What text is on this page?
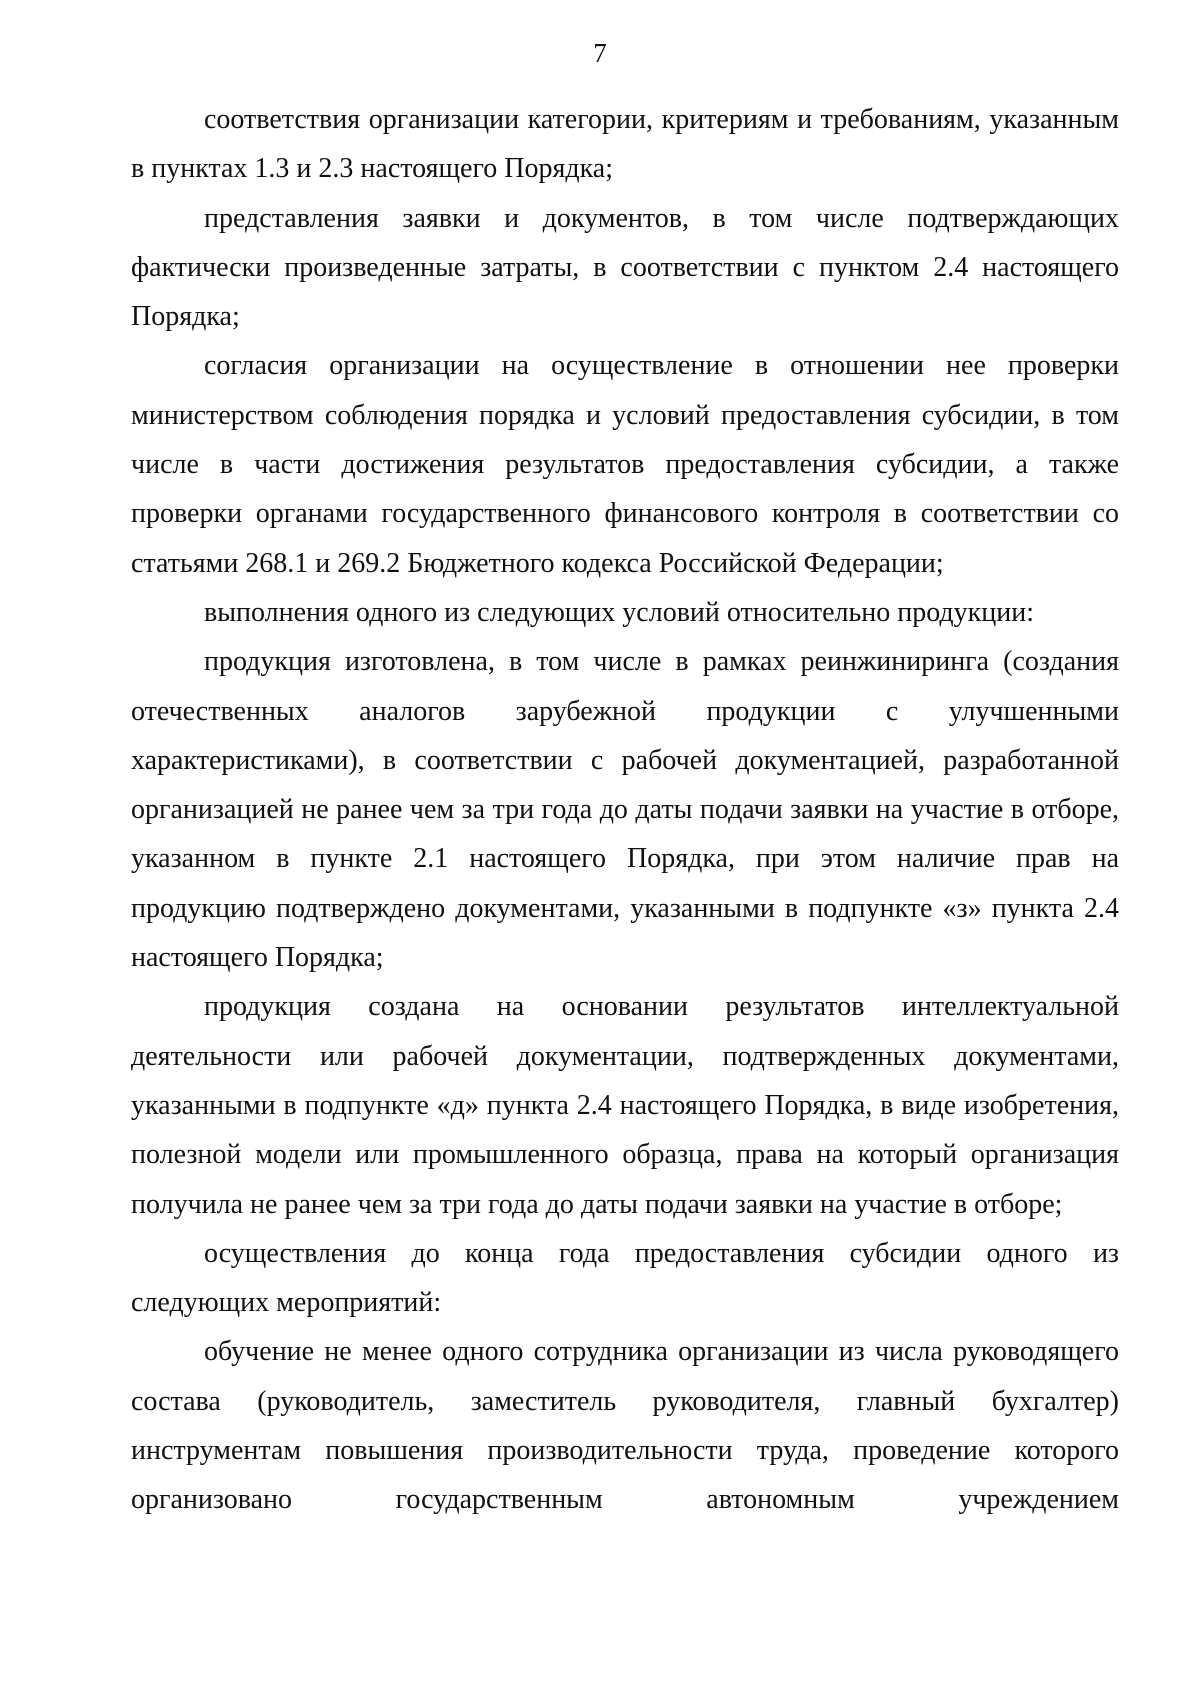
7

соответствия организации категории, критериям и требованиям, указанным в пунктах 1.3 и 2.3 настоящего Порядка;

представления заявки и документов, в том числе подтверждающих фактически произведенные затраты, в соответствии с пунктом 2.4 настоящего Порядка;

согласия организации на осуществление в отношении нее проверки министерством соблюдения порядка и условий предоставления субсидии, в том числе в части достижения результатов предоставления субсидии, а также проверки органами государственного финансового контроля в соответствии со статьями 268.1 и 269.2 Бюджетного кодекса Российской Федерации;

выполнения одного из следующих условий относительно продукции:

продукция изготовлена, в том числе в рамках реинжиниринга (создания отечественных аналогов зарубежной продукции с улучшенными характеристиками), в соответствии с рабочей документацией, разработанной организацией не ранее чем за три года до даты подачи заявки на участие в отборе, указанном в пункте 2.1 настоящего Порядка, при этом наличие прав на продукцию подтверждено документами, указанными в подпункте «з» пункта 2.4 настоящего Порядка;

продукция создана на основании результатов интеллектуальной деятельности или рабочей документации, подтвержденных документами, указанными в подпункте «д» пункта 2.4 настоящего Порядка, в виде изобретения, полезной модели или промышленного образца, права на который организация получила не ранее чем за три года до даты подачи заявки на участие в отборе;

осуществления до конца года предоставления субсидии одного из следующих мероприятий:

обучение не менее одного сотрудника организации из числа руководящего состава (руководитель, заместитель руководителя, главный бухгалтер) инструментам повышения производительности труда, проведение которого организовано государственным автономным учреждением
